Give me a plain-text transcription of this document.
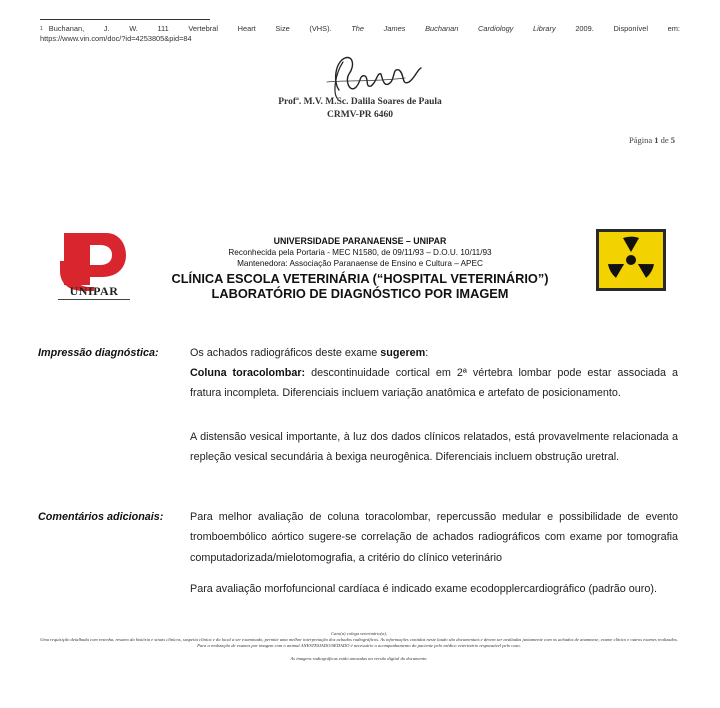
$^1$ Buchanan, J. W. 111 Vertebral Heart Size (VHS).	The James Buchanan Cardiology Library	2009. Disponível em:
https://www.vin.com/doc/?id=4253805&pid=84
Profª. M.V. M.Sc. Dalila Soares de Paula
CRMV-PR 6460
Página 1 de 5
UNIPAR
UNIVERSIDADE PARANAENSE – UNIPAR
Reconhecida pela Portaria - MEC N1580, de 09/11/93 – D.O.U. 10/11/93
Mantenedora: Associação Paranaense de Ensino e Cultura – APEC
CLÍNICA ESCOLA VETERINÁRIA (“HOSPITAL VETERINÁRIO”)
LABORATÓRIO DE DIAGNÓSTICO POR IMAGEM
Impressão diagnóstica:	Os achados radiográficos deste exame sugerem:
Coluna toracolombar: descontinuidade cortical em 2ª vértebra lombar pode estar associada a fratura incompleta. Diferenciais incluem variação anatômica e artefato de posicionamento.
A distensão vesical importante, à luz dos dados clínicos relatados, está provavelmente relacionada a repleção vesical secundária à bexiga neurogênica. Diferenciais incluem obstrução uretral.
Comentários adicionais: Para melhor avaliação de coluna toracolombar, repercussão medular e possibilidade de evento tromboembólico aórtico sugere-se correlação de achados radiográficos com exame por tomografia computadorizada/mielotomografia, a critério do clínico veterinário
Para avaliação morfofuncional cardíaca é indicado exame ecodopplercardiográfico (padrão ouro).
Caro(a) colega veterinário(a),
Uma requisição detalhada com resenha, resumo da história e sinais clínicos, suspeita clínica e do local a ser examinado, permite uma melhor interpretação dos achados radiográficos. As informações contidas neste laudo são documentais e devem ser avaliadas juntamente com os achados de anamnese, exame clínico e outros exames realizados. Para a realização de exames por imagem com o animal ANESTESIADO/SEDADO é necessário o acompanhamento do paciente pelo médico veterinário responsável pelo caso.
As imagens radiográficas estão anexadas na versão digital do documento.
